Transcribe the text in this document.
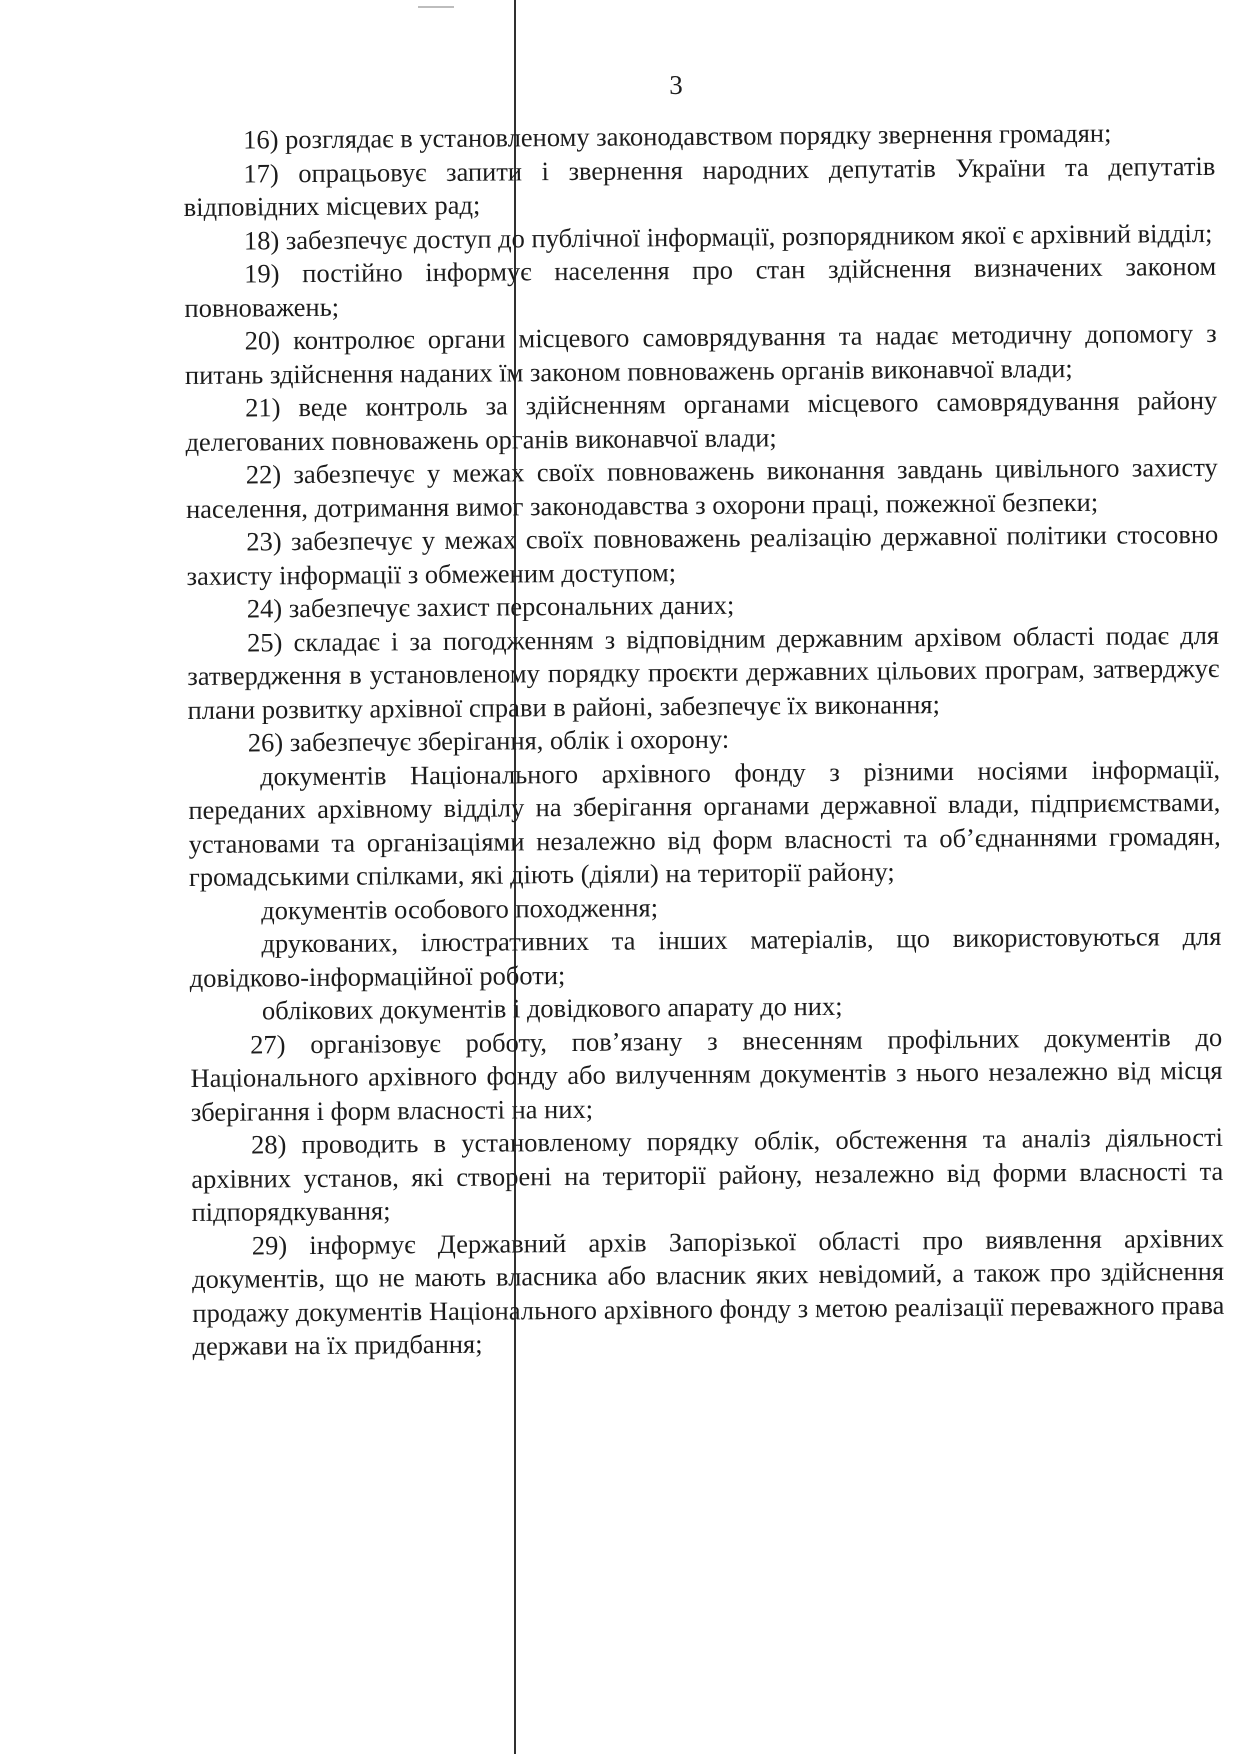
3

16) розглядає в установленому законодавством порядку звернення громадян;

17) опрацьовує запити і звернення народних депутатів України та депутатів відповідних місцевих рад;

18) забезпечує доступ до публічної інформації, розпорядником якої є архівний відділ;

19) постійно інформує населення про стан здійснення визначених законом повноважень;

20) контролює органи місцевого самоврядування та надає методичну допомогу з питань здійснення наданих їм законом повноважень органів виконавчої влади;

21) веде контроль за здійсненням органами місцевого самоврядування району делегованих повноважень органів виконавчої влади;

22) забезпечує у межах своїх повноважень виконання завдань цивільного захисту населення, дотримання вимог законодавства з охорони праці, пожежної безпеки;

23) забезпечує у межах своїх повноважень реалізацію державної політики стосовно захисту інформації з обмеженим доступом;

24) забезпечує захист персональних даних;

25) складає і за погодженням з відповідним державним архівом області подає для затвердження в установленому порядку проєкти державних цільових програм, затверджує плани розвитку архівної справи в районі, забезпечує їх виконання;

26) забезпечує зберігання, облік і охорону:

документів Національного архівного фонду з різними носіями інформації, переданих архівному відділу на зберігання органами державної влади, підприємствами, установами та організаціями незалежно від форм власності та об’єднаннями громадян, громадськими спілками, які діють (діяли) на території району;

документів особового походження;

друкованих, ілюстративних та інших матеріалів, що використовуються для довідково-інформаційної роботи;

облікових документів і довідкового апарату до них;

27) організовує роботу, пов’язану з внесенням профільних документів до Національного архівного фонду або вилученням документів з нього незалежно від місця зберігання і форм власності на них;

28) проводить в установленому порядку облік, обстеження та аналіз діяльності архівних установ, які створені на території району, незалежно від форми власності та підпорядкування;

29) інформує Державний архів Запорізької області про виявлення архівних документів, що не мають власника або власник яких невідомий, а також про здійснення продажу документів Національного архівного фонду з метою реалізації переважного права держави на їх придбання;
